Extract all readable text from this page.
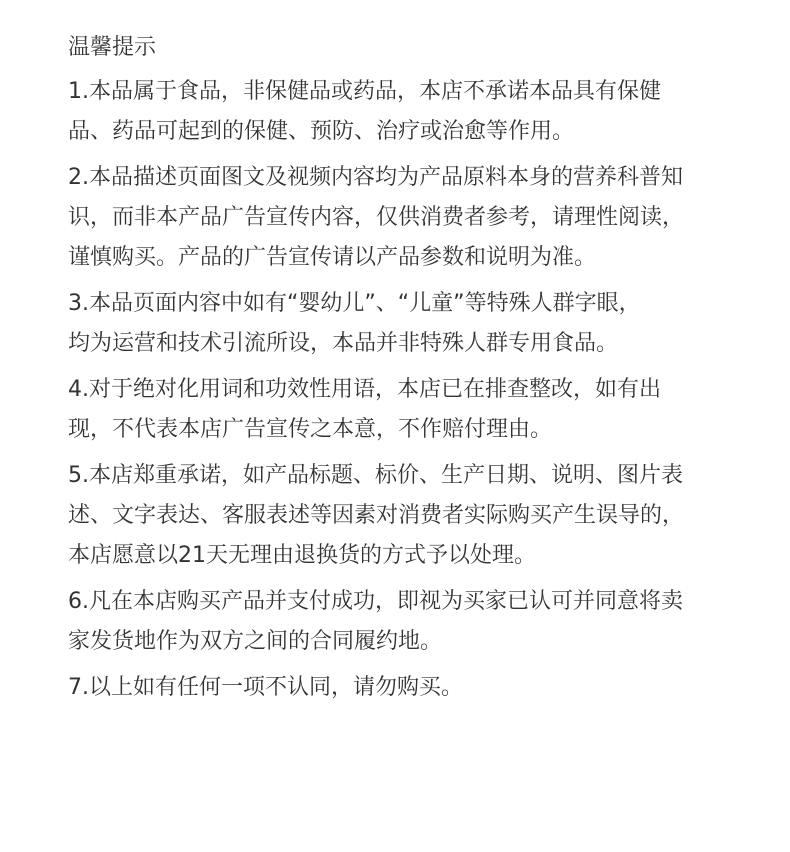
温馨提示
1.本品属于食品，非保健品或药品，本店不承诺本品具有保健
品、药品可起到的保健、预防、治疗或治愈等作用。
2.本品描述页面图文及视频内容均为产品原料本身的营养科普知
识，而非本产品广告宣传内容，仅供消费者参考，请理性阅读，
谨慎购买。产品的广告宣传请以产品参数和说明为准。
3.本品页面内容中如有“婴幼儿”、“儿童”等特殊人群字眼，
均为运营和技术引流所设，本品并非特殊人群专用食品。
4.对于绝对化用词和功效性用语，本店已在排查整改，如有出
现，不代表本店广告宣传之本意，不作赔付理由。
5.本店郑重承诺，如产品标题、标价、生产日期、说明、图片表
述、文字表达、客服表述等因素对消费者实际购买产生误导的，
本店愿意以21天无理由退换货的方式予以处理。
6.凡在本店购买产品并支付成功，即视为买家已认可并同意将卖
家发货地作为双方之间的合同履约地。
7.以上如有任何一项不认同，请勿购买。
